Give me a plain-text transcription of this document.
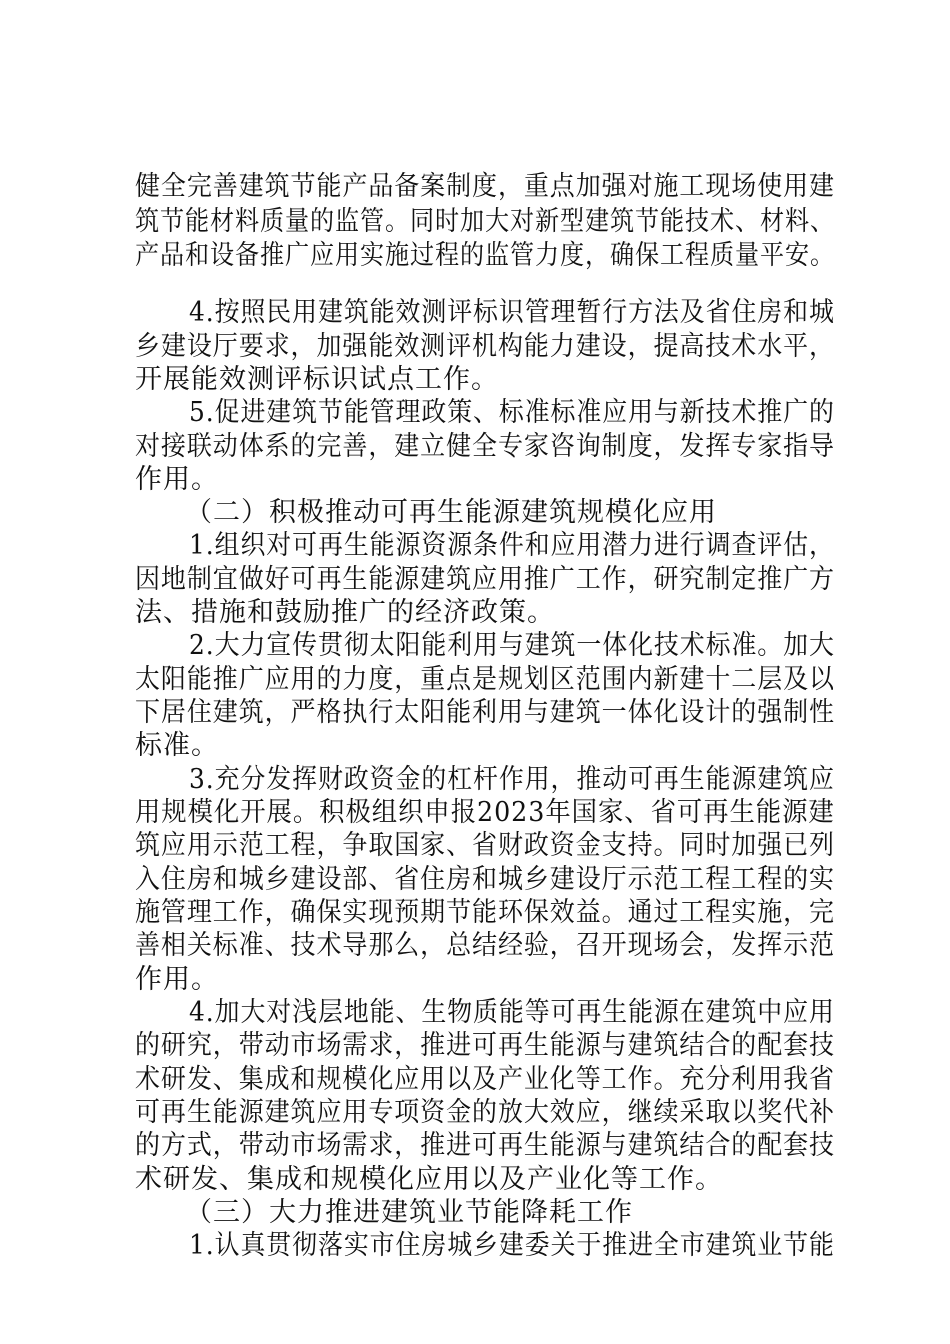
健全完善建筑节能产品备案制度，重点加强对施工现场使用建
筑节能材料质量的监管。同时加大对新型建筑节能技术、材料、
产品和设备推广应用实施过程的监管力度，确保工程质量平安。
4.按照民用建筑能效测评标识管理暂行方法及省住房和城
乡建设厅要求，加强能效测评机构能力建设，提高技术水平，
开展能效测评标识试点工作。
5.促进建筑节能管理政策、标准标准应用与新技术推广的
对接联动体系的完善，建立健全专家咨询制度，发挥专家指导
作用。
（二）积极推动可再生能源建筑规模化应用
1.组织对可再生能源资源条件和应用潜力进行调查评估，
因地制宜做好可再生能源建筑应用推广工作，研究制定推广方
法、措施和鼓励推广的经济政策。
2.大力宣传贯彻太阳能利用与建筑一体化技术标准。加大
太阳能推广应用的力度，重点是规划区范围内新建十二层及以
下居住建筑，严格执行太阳能利用与建筑一体化设计的强制性
标准。
3.充分发挥财政资金的杠杆作用，推动可再生能源建筑应
用规模化开展。积极组织申报2023年国家、省可再生能源建
筑应用示范工程，争取国家、省财政资金支持。同时加强已列
入住房和城乡建设部、省住房和城乡建设厅示范工程工程的实
施管理工作，确保实现预期节能环保效益。通过工程实施，完
善相关标准、技术导那么，总结经验，召开现场会，发挥示范
作用。
4.加大对浅层地能、生物质能等可再生能源在建筑中应用
的研究，带动市场需求，推进可再生能源与建筑结合的配套技
术研发、集成和规模化应用以及产业化等工作。充分利用我省
可再生能源建筑应用专项资金的放大效应，继续采取以奖代补
的方式，带动市场需求，推进可再生能源与建筑结合的配套技
术研发、集成和规模化应用以及产业化等工作。
（三）大力推进建筑业节能降耗工作
1.认真贯彻落实市住房城乡建委关于推进全市建筑业节能
